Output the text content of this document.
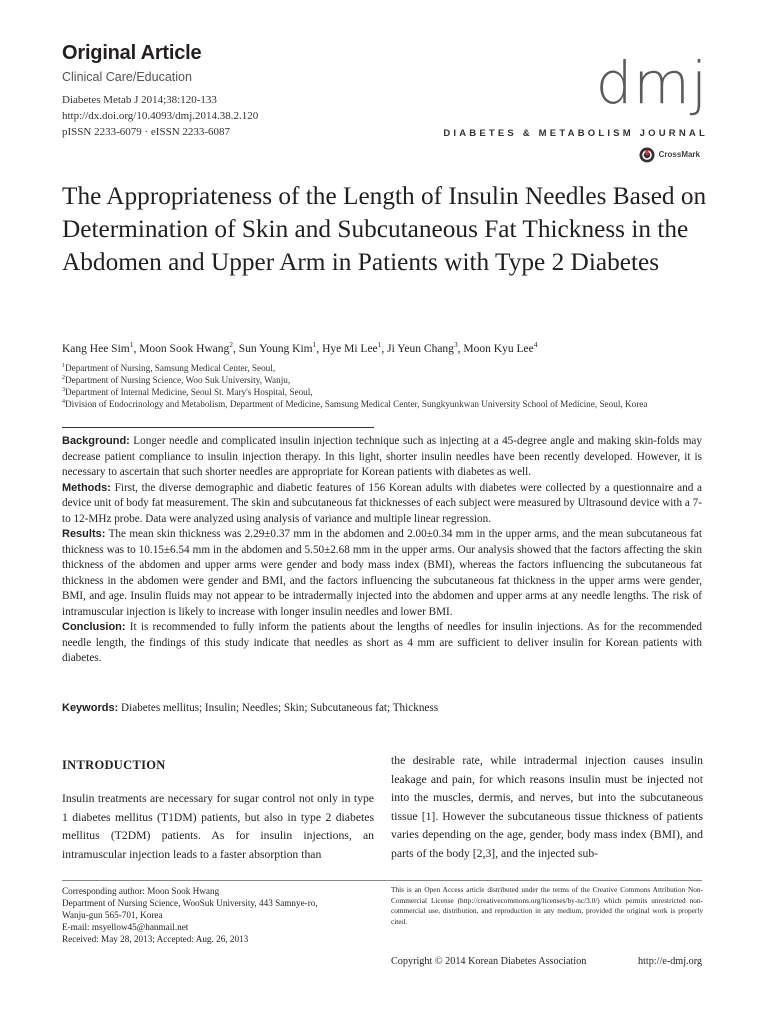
Original Article
Clinical Care/Education
Diabetes Metab J 2014;38:120-133
http://dx.doi.org/10.4093/dmj.2014.38.2.120
pISSN 2233-6079 · eISSN 2233-6087
dmj
DIABETES & METABOLISM JOURNAL
CrossMark
The Appropriateness of the Length of Insulin Needles Based on Determination of Skin and Subcutaneous Fat Thickness in the Abdomen and Upper Arm in Patients with Type 2 Diabetes
Kang Hee Sim$^1$, Moon Sook Hwang$^2$, Sun Young Kim$^1$, Hye Mi Lee$^1$, Ji Yeun Chang$^3$, Moon Kyu Lee$^4$
$^1$Department of Nursing, Samsung Medical Center, Seoul,
$^2$Department of Nursing Science, Woo Suk University, Wanju,
$^3$Department of Internal Medicine, Seoul St. Mary's Hospital, Seoul,
$^4$Division of Endocrinology and Metabolism, Department of Medicine, Samsung Medical Center, Sungkyunkwan University School of Medicine, Seoul, Korea

Background: Longer needle and complicated insulin injection technique such as injecting at a 45-degree angle and making skin-folds may decrease patient compliance to insulin injection therapy. In this light, shorter insulin needles have been recently developed. However, it is necessary to ascertain that such shorter needles are appropriate for Korean patients with diabetes as well.

Methods: First, the diverse demographic and diabetic features of 156 Korean adults with diabetes were collected by a questionnaire and a device unit of body fat measurement. The skin and subcutaneous fat thicknesses of each subject were measured by Ultrasound device with a 7- to 12-MHz probe. Data were analyzed using analysis of variance and multiple linear regression.

Results: The mean skin thickness was 2.29±0.37 mm in the abdomen and 2.00±0.34 mm in the upper arms, and the mean subcutaneous fat thickness was to 10.15±6.54 mm in the abdomen and 5.50±2.68 mm in the upper arms. Our analysis showed that the factors affecting the skin thickness of the abdomen and upper arms were gender and body mass index (BMI), whereas the factors influencing the subcutaneous fat thickness in the abdomen were gender and BMI, and the factors influencing the subcutaneous fat thickness in the upper arms were gender, BMI, and age. Insulin fluids may not appear to be intradermally injected into the abdomen and upper arms at any needle lengths. The risk of intramuscular injection is likely to increase with longer insulin needles and lower BMI.

Conclusion: It is recommended to fully inform the patients about the lengths of needles for insulin injections. As for the recommended needle length, the findings of this study indicate that needles as short as 4 mm are sufficient to deliver insulin for Korean patients with diabetes.

Keywords: Diabetes mellitus; Insulin; Needles; Skin; Subcutaneous fat; Thickness
INTRODUCTION
Insulin treatments are necessary for sugar control not only in type 1 diabetes mellitus (T1DM) patients, but also in type 2 diabetes mellitus (T2DM) patients. As for insulin injections, an intramuscular injection leads to a faster absorption than
the desirable rate, while intradermal injection causes insulin leakage and pain, for which reasons insulin must be injected not into the muscles, dermis, and nerves, but into the subcutaneous tissue [1]. However the subcutaneous tissue thickness of patients varies depending on the age, gender, body mass index (BMI), and parts of the body [2,3], and the injected sub-
Corresponding author: Moon Sook Hwang
Department of Nursing Science, WooSuk University, 443 Samnye-ro,
Wanju-gun 565-701, Korea
E-mail: msyellow45@hanmail.net
Received: May 28, 2013; Accepted: Aug. 26, 2013
This is an Open Access article distributed under the terms of the Creative Commons Attribution Non-Commercial License (http://creativecommons.org/licenses/by-nc/3.0/) which permits unrestricted non-commercial use, distribution, and reproduction in any medium, provided the original work is properly cited.
Copyright © 2014 Korean Diabetes Association	http://e-dmj.org
